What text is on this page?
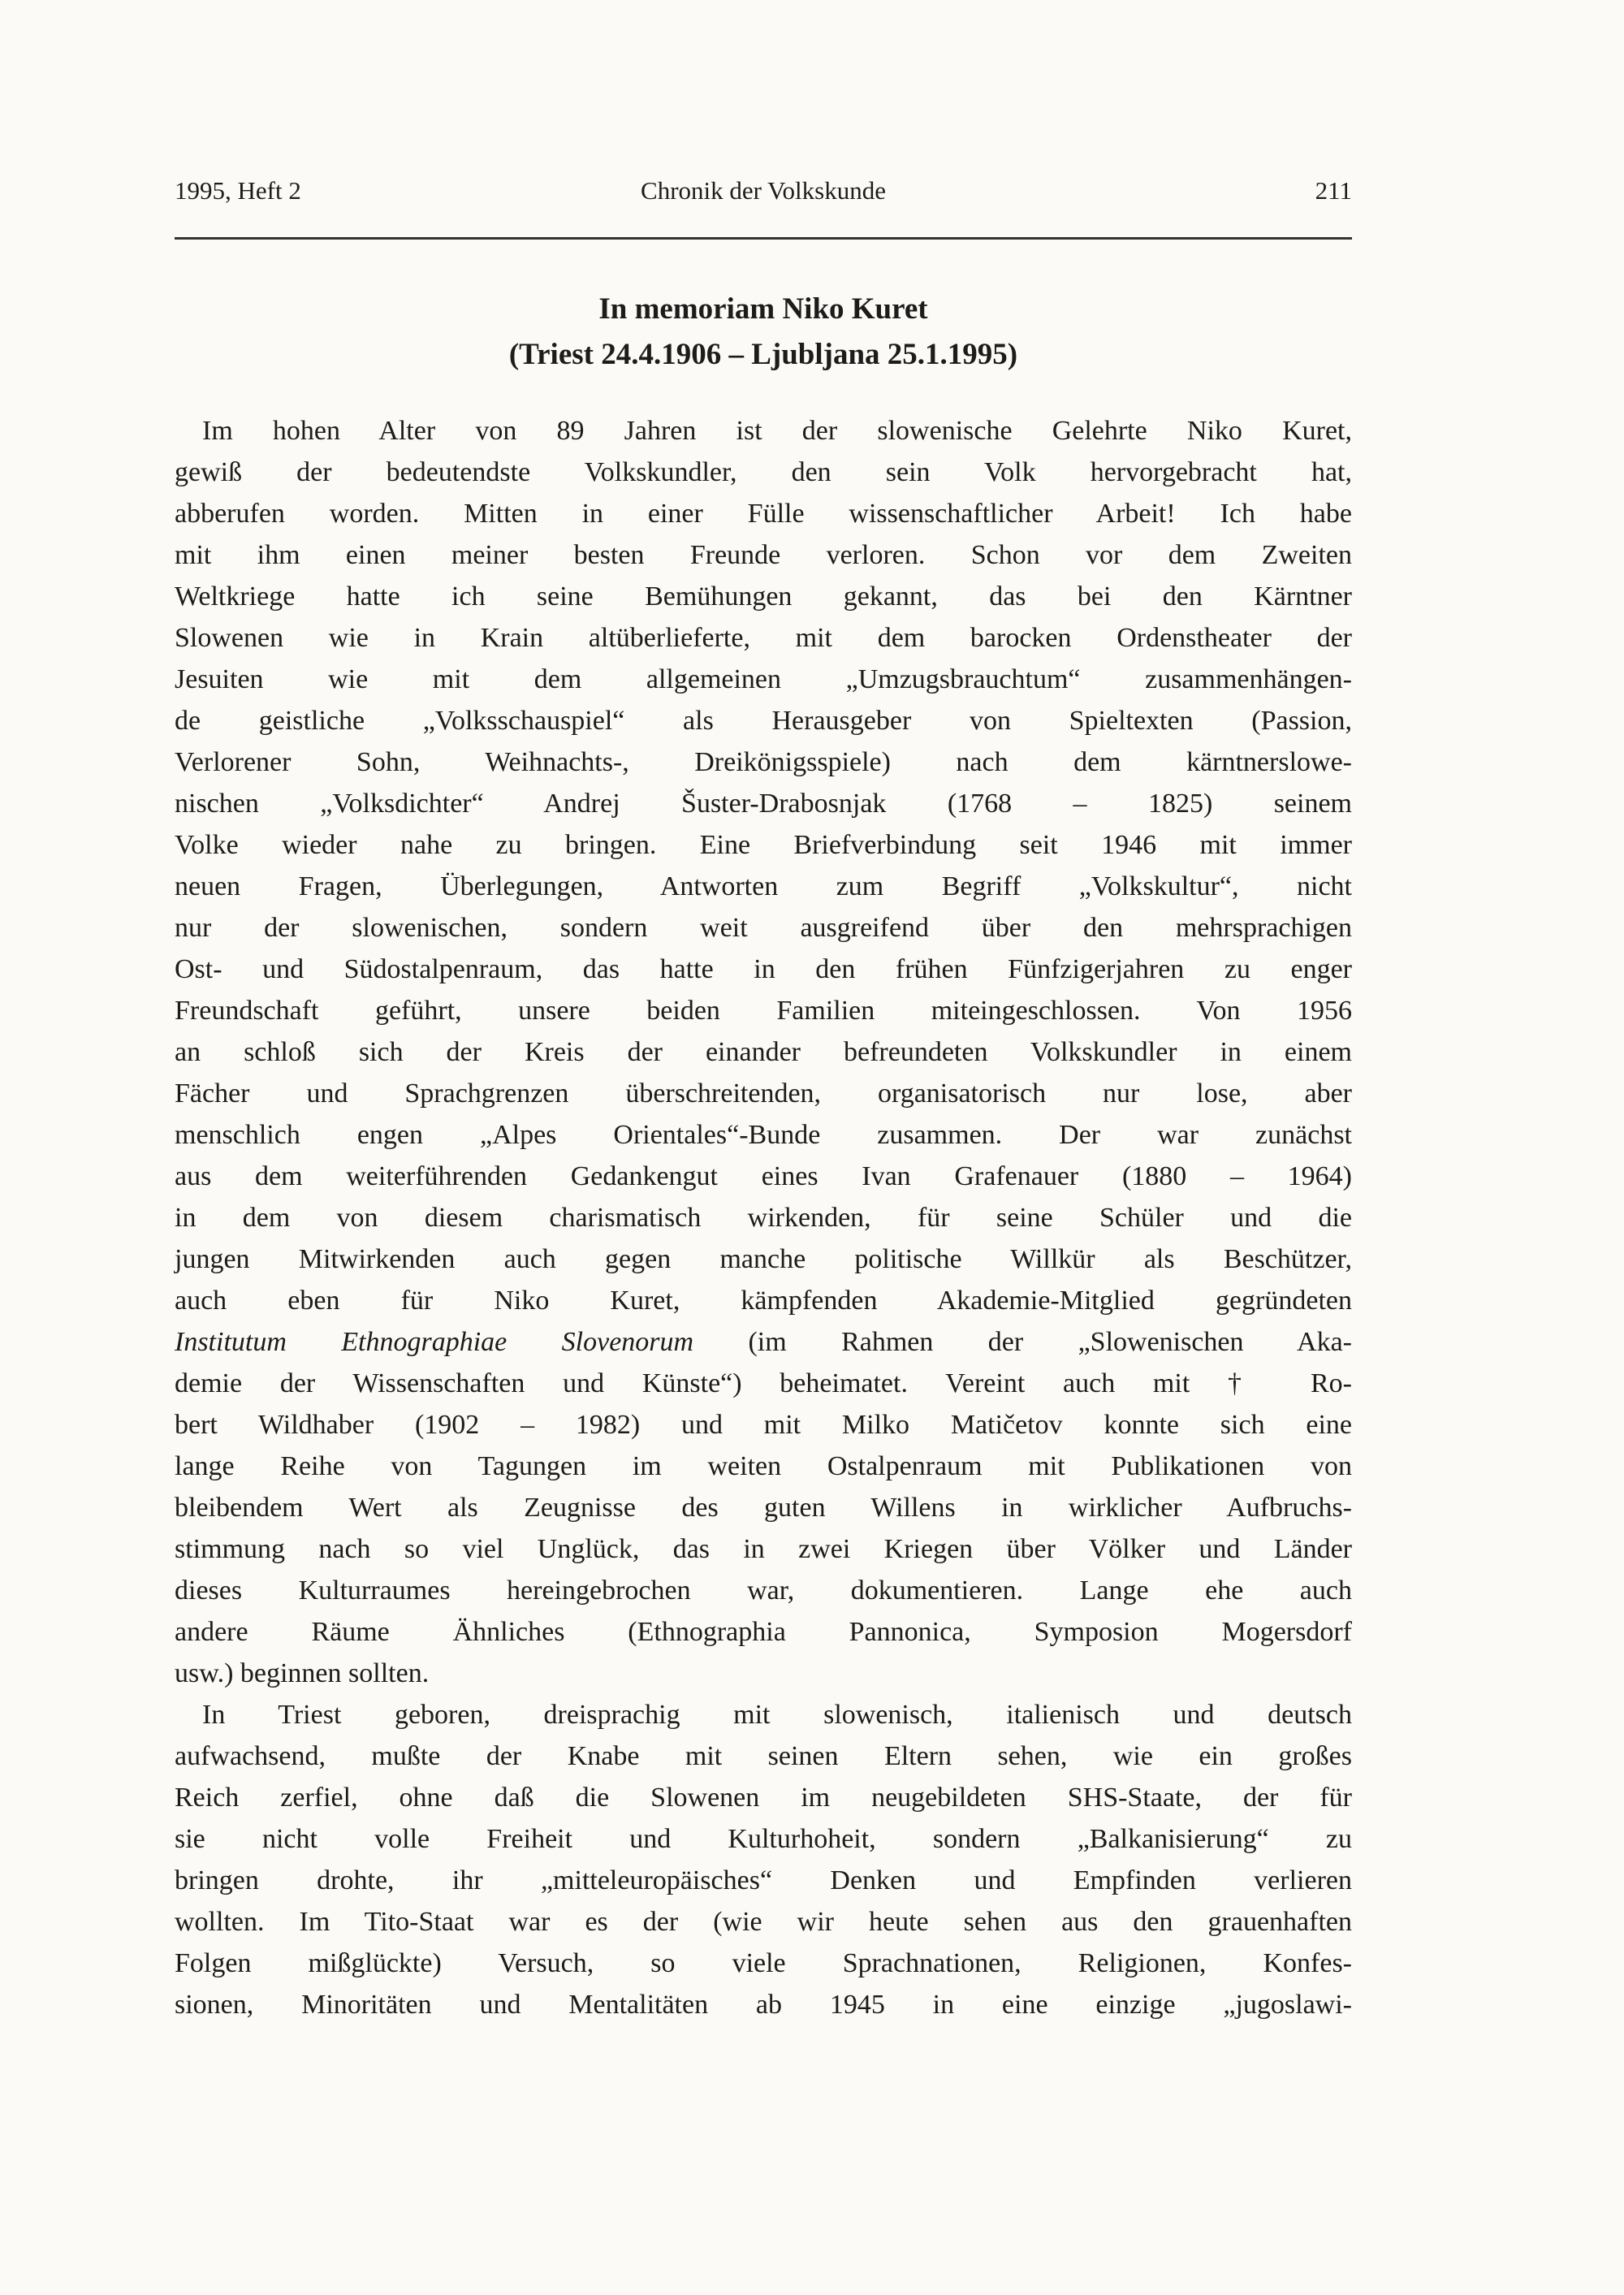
1995, Heft 2	Chronik der Volkskunde	211
In memoriam Niko Kuret
(Triest 24.4.1906 – Ljubljana 25.1.1995)
Im hohen Alter von 89 Jahren ist der slowenische Gelehrte Niko Kuret,
gewiß der bedeutendste Volkskundler, den sein Volk hervorgebracht hat,
abberufen worden. Mitten in einer Fülle wissenschaftlicher Arbeit! Ich habe
mit ihm einen meiner besten Freunde verloren. Schon vor dem Zweiten
Weltkriege hatte ich seine Bemühungen gekannt, das bei den Kärntner
Slowenen wie in Krain altüberlieferte, mit dem barocken Ordenstheater der
Jesuiten wie mit dem allgemeinen „Umzugsbrauchtum“ zusammenhängen-
de geistliche „Volksschauspiel“ als Herausgeber von Spieltexten (Passion,
Verlorener Sohn, Weihnachts-, Dreikönigsspiele) nach dem kärntnerslowe-
nischen „Volksdichter“ Andrej Šuster-Drabosnjak (1768 – 1825) seinem
Volke wieder nahe zu bringen. Eine Briefverbindung seit 1946 mit immer
neuen Fragen, Überlegungen, Antworten zum Begriff „Volkskultur“, nicht
nur der slowenischen, sondern weit ausgreifend über den mehrsprachigen
Ost- und Südostalpenraum, das hatte in den frühen Fünfzigerjahren zu enger
Freundschaft geführt, unsere beiden Familien miteingeschlossen. Von 1956
an schloß sich der Kreis der einander befreundeten Volkskundler in einem
Fächer und Sprachgrenzen überschreitenden, organisatorisch nur lose, aber
menschlich engen „Alpes Orientales“-Bunde zusammen. Der war zunächst
aus dem weiterführenden Gedankengut eines Ivan Grafenauer (1880 – 1964)
in dem von diesem charismatisch wirkenden, für seine Schüler und die
jungen Mitwirkenden auch gegen manche politische Willkür als Beschützer,
auch eben für Niko Kuret, kämpfenden Akademie-Mitglied gegründeten
Institutum Ethnographiae Slovenorum (im Rahmen der „Slowenischen Aka-
demie der Wissenschaften und Künste“) beheimatet. Vereint auch mit † Ro-
bert Wildhaber (1902 – 1982) und mit Milko Matičetov konnte sich eine
lange Reihe von Tagungen im weiten Ostalpenraum mit Publikationen von
bleibendem Wert als Zeugnisse des guten Willens in wirklicher Aufbruchs-
stimmung nach so viel Unglück, das in zwei Kriegen über Völker und Länder
dieses Kulturraumes hereingebrochen war, dokumentieren. Lange ehe auch
andere Räume Ähnliches (Ethnographia Pannonica, Symposion Mogersdorf
usw.) beginnen sollten.
In Triest geboren, dreisprachig mit slowenisch, italienisch und deutsch
aufwachsend, mußte der Knabe mit seinen Eltern sehen, wie ein großes
Reich zerfiel, ohne daß die Slowenen im neugebildeten SHS-Staate, der für
sie nicht volle Freiheit und Kulturhoheit, sondern „Balkanisierung“ zu
bringen drohte, ihr „mitteleuropäisches“ Denken und Empfinden verlieren
wollten. Im Tito-Staat war es der (wie wir heute sehen aus den grauenhaften
Folgen mißglückte) Versuch, so viele Sprachnationen, Religionen, Konfes-
sionen, Minoritäten und Mentalitäten ab 1945 in eine einzige „jugoslawi-
